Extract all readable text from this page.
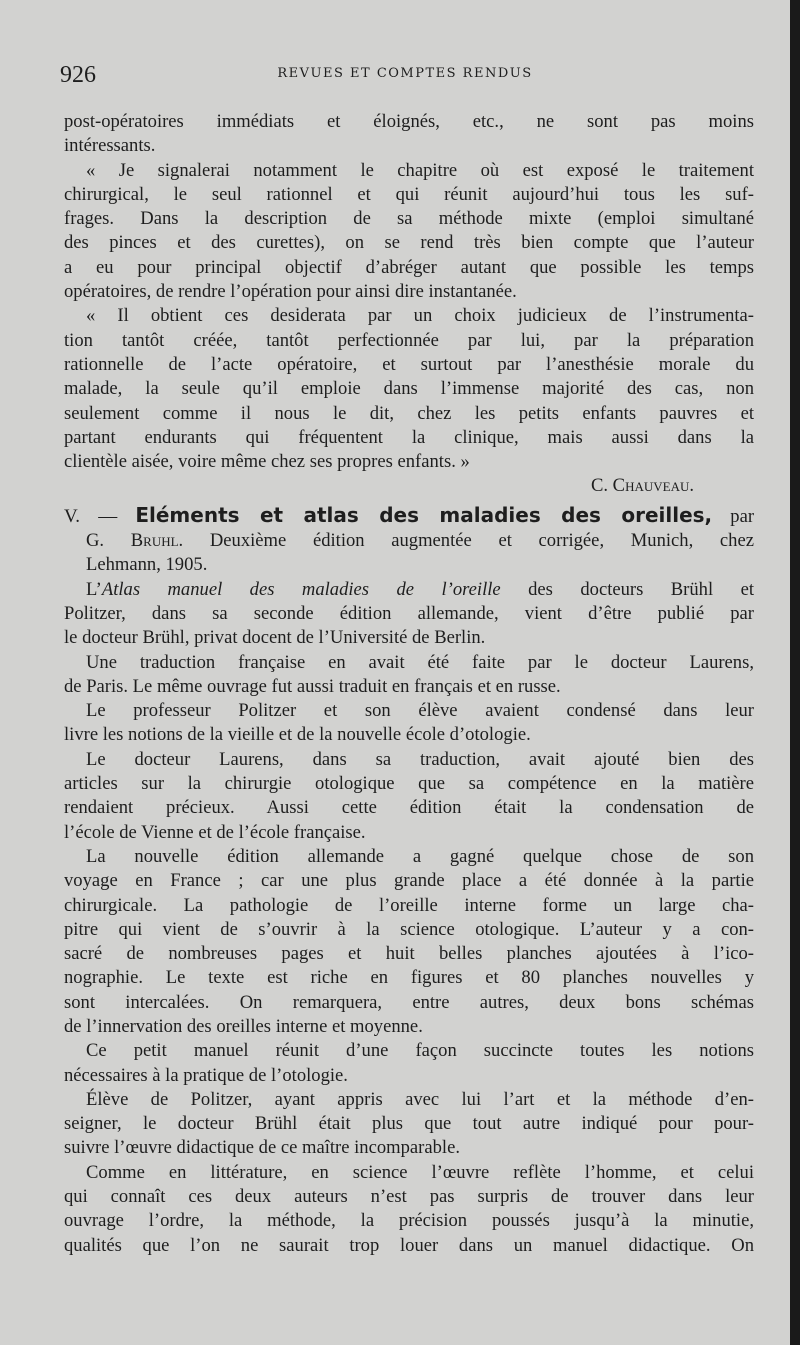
926	REVUES ET COMPTES RENDUS
post-opératoires immédiats et éloignés, etc., ne sont pas moins
intéressants.
« Je signalerai notamment le chapitre où est exposé le traitement
chirurgical, le seul rationnel et qui réunit aujourd’hui tous les suf-
frages. Dans la description de sa méthode mixte (emploi simultané
des pinces et des curettes), on se rend très bien compte que l’auteur
a eu pour principal objectif d’abréger autant que possible les temps
opératoires, de rendre l’opération pour ainsi dire instantanée.
« Il obtient ces desiderata par un choix judicieux de l’instrumenta-
tion tantôt créée, tantôt perfectionnée par lui, par la préparation
rationnelle de l’acte opératoire, et surtout par l’anesthésie morale du
malade, la seule qu’il emploie dans l’immense majorité des cas, non
seulement comme il nous le dit, chez les petits enfants pauvres et
partant endurants qui fréquentent la clinique, mais aussi dans la
clientèle aisée, voire même chez ses propres enfants. »
C. Chauveau.
V. — Eléments et atlas des maladies des oreilles, par
G. Bruhl. Deuxième édition augmentée et corrigée, Munich, chez
Lehmann, 1905.
L’Atlas manuel des maladies de l’oreille des docteurs Brühl et
Politzer, dans sa seconde édition allemande, vient d’être publié par
le docteur Brühl, privat docent de l’Université de Berlin.
Une traduction française en avait été faite par le docteur Laurens,
de Paris. Le même ouvrage fut aussi traduit en français et en russe.
Le professeur Politzer et son élève avaient condensé dans leur
livre les notions de la vieille et de la nouvelle école d’otologie.
Le docteur Laurens, dans sa traduction, avait ajouté bien des
articles sur la chirurgie otologique que sa compétence en la matière
rendaient précieux. Aussi cette édition était la condensation de
l’école de Vienne et de l’école française.
La nouvelle édition allemande a gagné quelque chose de son
voyage en France ; car une plus grande place a été donnée à la partie
chirurgicale. La pathologie de l’oreille interne forme un large cha-
pitre qui vient de s’ouvrir à la science otologique. L’auteur y a con-
sacré de nombreuses pages et huit belles planches ajoutées à l’ico-
nographie. Le texte est riche en figures et 80 planches nouvelles y
sont intercalées. On remarquera, entre autres, deux bons schémas
de l’innervation des oreilles interne et moyenne.
Ce petit manuel réunit d’une façon succincte toutes les notions
nécessaires à la pratique de l’otologie.
Élève de Politzer, ayant appris avec lui l’art et la méthode d’en-
seigner, le docteur Brühl était plus que tout autre indiqué pour pour-
suivre l’œuvre didactique de ce maître incomparable.
Comme en littérature, en science l’œuvre reflète l’homme, et celui
qui connaît ces deux auteurs n’est pas surpris de trouver dans leur
ouvrage l’ordre, la méthode, la précision poussés jusqu’à la minutie,
qualités que l’on ne saurait trop louer dans un manuel didactique. On
